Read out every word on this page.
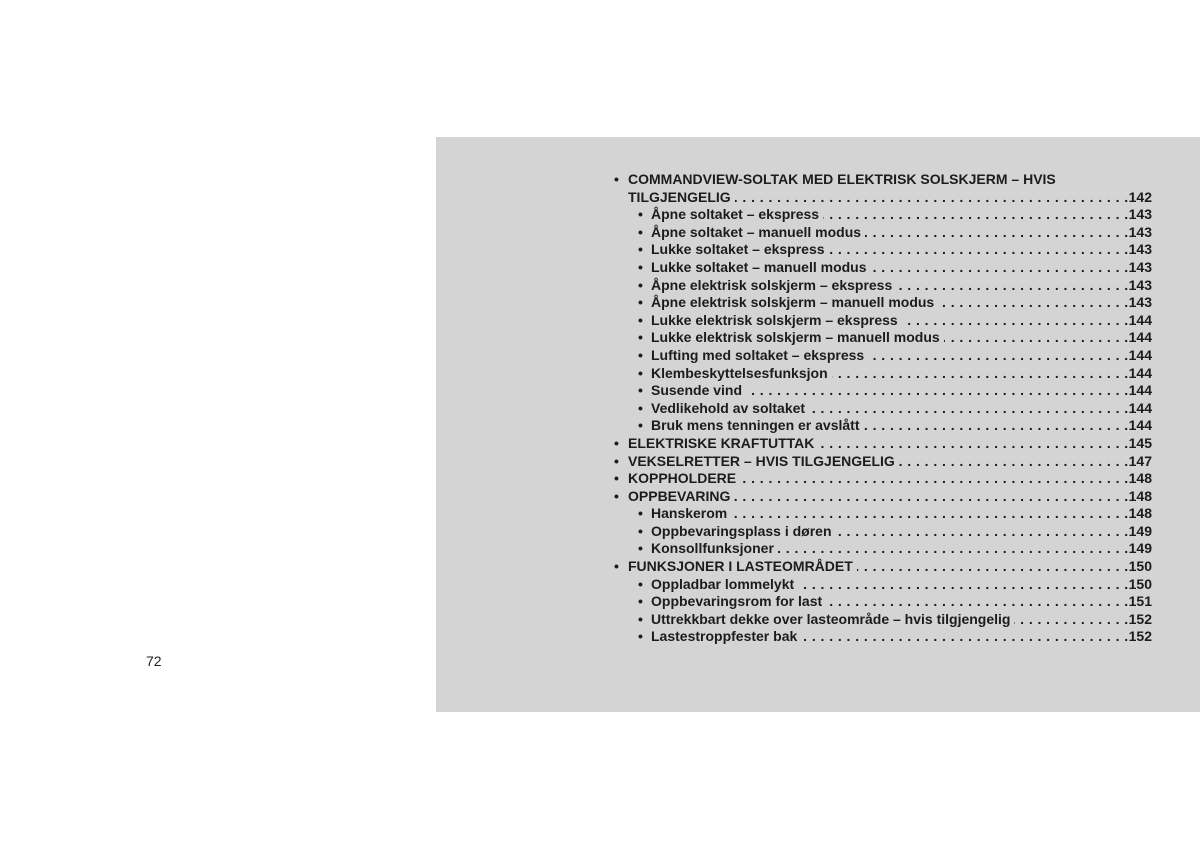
72
• COMMANDVIEW-SOLTAK MED ELEKTRISK SOLSKJERM – HVIS
TILGJENGELIG . . .	142
• Åpne soltaket – ekspress . . .	143
• Åpne soltaket – manuell modus . . .	143
• Lukke soltaket – ekspress . . .	143
• Lukke soltaket – manuell modus . . .	143
• Åpne elektrisk solskjerm – ekspress . . .	143
• Åpne elektrisk solskjerm – manuell modus . . .	143
• Lukke elektrisk solskjerm – ekspress . . .	144
• Lukke elektrisk solskjerm – manuell modus . . .	144
• Lufting med soltaket – ekspress . . .	144
• Klembeskyttelsesfunksjon . . .	144
• Susende vind . . .	144
• Vedlikehold av soltaket . . .	144
• Bruk mens tenningen er avslått . . .	144
• ELEKTRISKE KRAFTUTTAK . . .	145
• VEKSELRETTER – HVIS TILGJENGELIG . . .	147
• KOPPHOLDERE . . .	148
• OPPBEVARING . . .	148
• Hanskerom . . .	148
• Oppbevaringsplass i døren . . .	149
• Konsollfunksjoner . . .	149
• FUNKSJONER I LASTEOMRÅDET . . .	150
• Oppladbar lommelykt . . .	150
• Oppbevaringsrom for last . . .	151
• Uttrekkbart dekke over lasteområde – hvis tilgjengelig . . .	152
• Lastestroppfester bak . . .	152
